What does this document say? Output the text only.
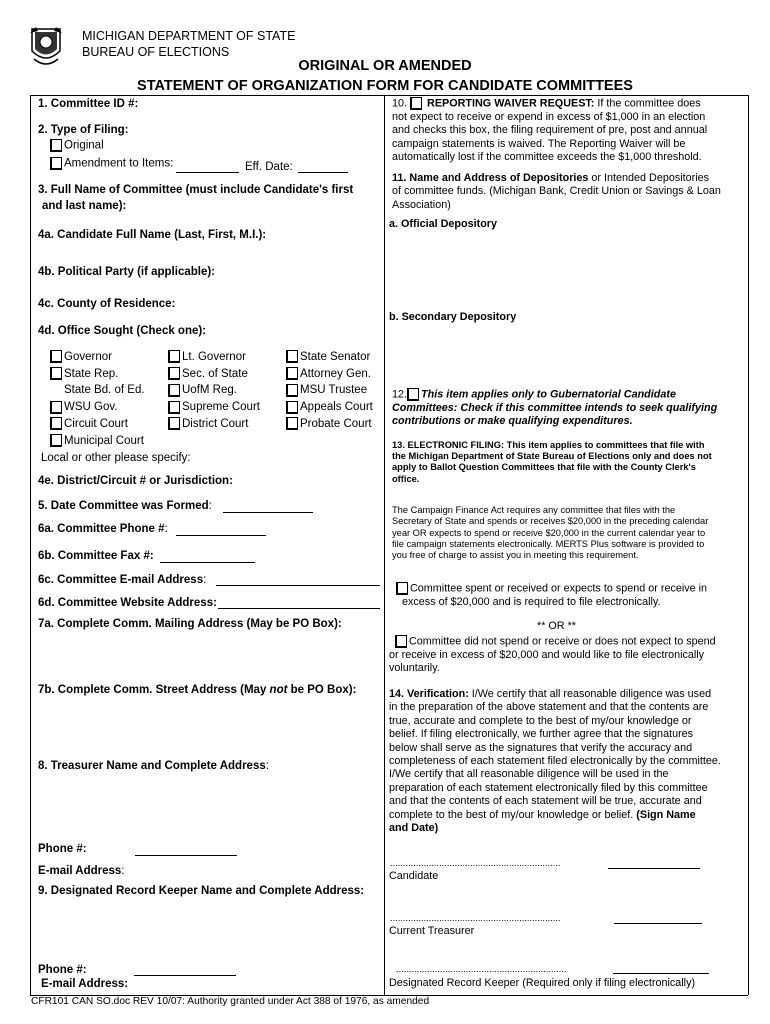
MICHIGAN DEPARTMENT OF STATE
BUREAU OF ELECTIONS
ORIGINAL OR AMENDED
STATEMENT OF ORGANIZATION FORM FOR CANDIDATE COMMITTEES
1. Committee ID #:
2. Type of Filing:
Original
Amendment to Items:	Eff. Date:
3. Full Name of Committee (must include Candidate's first
and last name):
4a. Candidate Full Name (Last, First, M.I.):
4b. Political Party (if applicable):
4c. County of Residence:
4d. Office Sought (Check one):
Governor
State Rep.
State Bd. of Ed.
WSU Gov.
Circuit Court
Municipal Court
Lt. Governor
Sec. of State
UofM Reg.
Supreme Court
District Court
State Senator
Attorney Gen.
MSU Trustee
Appeals Court
Probate Court
Local or other please specify:
4e. District/Circuit # or Jurisdiction:
5. Date Committee was Formed:
6a. Committee Phone #:
6b. Committee Fax #:
6c. Committee E-mail Address:
6d. Committee Website Address:
7a. Complete Comm. Mailing Address (May be PO Box):
7b. Complete Comm. Street Address (May not be PO Box):
8. Treasurer Name and Complete Address:
Phone #:
E-mail Address:
9. Designated Record Keeper Name and Complete Address:
Phone #:
E-mail Address:
10. REPORTING WAIVER REQUEST: If the committee does
not expect to receive or expend in excess of $1,000 in an election
and checks this box, the filing requirement of pre, post and annual
campaign statements is waived. The Reporting Waiver will be
automatically lost if the committee exceeds the $1,000 threshold.
11. Name and Address of Depositories or Intended Depositories
of committee funds. (Michigan Bank, Credit Union or Savings & Loan
Association)
a. Official Depository
b. Secondary Depository
12. This item applies only to Gubernatorial Candidate
Committees: Check if this committee intends to seek qualifying
contributions or make qualifying expenditures.
13. ELECTRONIC FILING: This item applies to committees that file with
the Michigan Department of State Bureau of Elections only and does not
apply to Ballot Question Committees that file with the County Clerk's
office.
The Campaign Finance Act requires any committee that files with the
Secretary of State and spends or receives $20,000 in the preceding calendar
year OR expects to spend or receive $20,000 in the current calendar year to
file campaign statements electronically. MERTS Plus software is provided to
you free of charge to assist you in meeting this requirement.
Committee spent or received or expects to spend or receive in
excess of $20,000 and is required to file electronically.
** OR **
Committee did not spend or receive or does not expect to spend
or receive in excess of $20,000 and would like to file electronically
voluntarily.
14. Verification: I/We certify that all reasonable diligence was used
in the preparation of the above statement and that the contents are
true, accurate and complete to the best of my/our knowledge or
belief. If filing electronically, we further agree that the signatures
below shall serve as the signatures that verify the accuracy and
completeness of each statement filed electronically by the committee.
I/We certify that all reasonable diligence will be used in the
preparation of each statement electronically filed by this committee
and that the contents of each statement will be true, accurate and
complete to the best of my/our knowledge or belief. (Sign Name
and Date)
..................................................................
Candidate
..................................................................
Current Treasurer
..................................................................
Designated Record Keeper (Required only if filing electronically)
CFR101 CAN SO.doc REV 10/07: Authority granted under Act 388 of 1976, as amended
